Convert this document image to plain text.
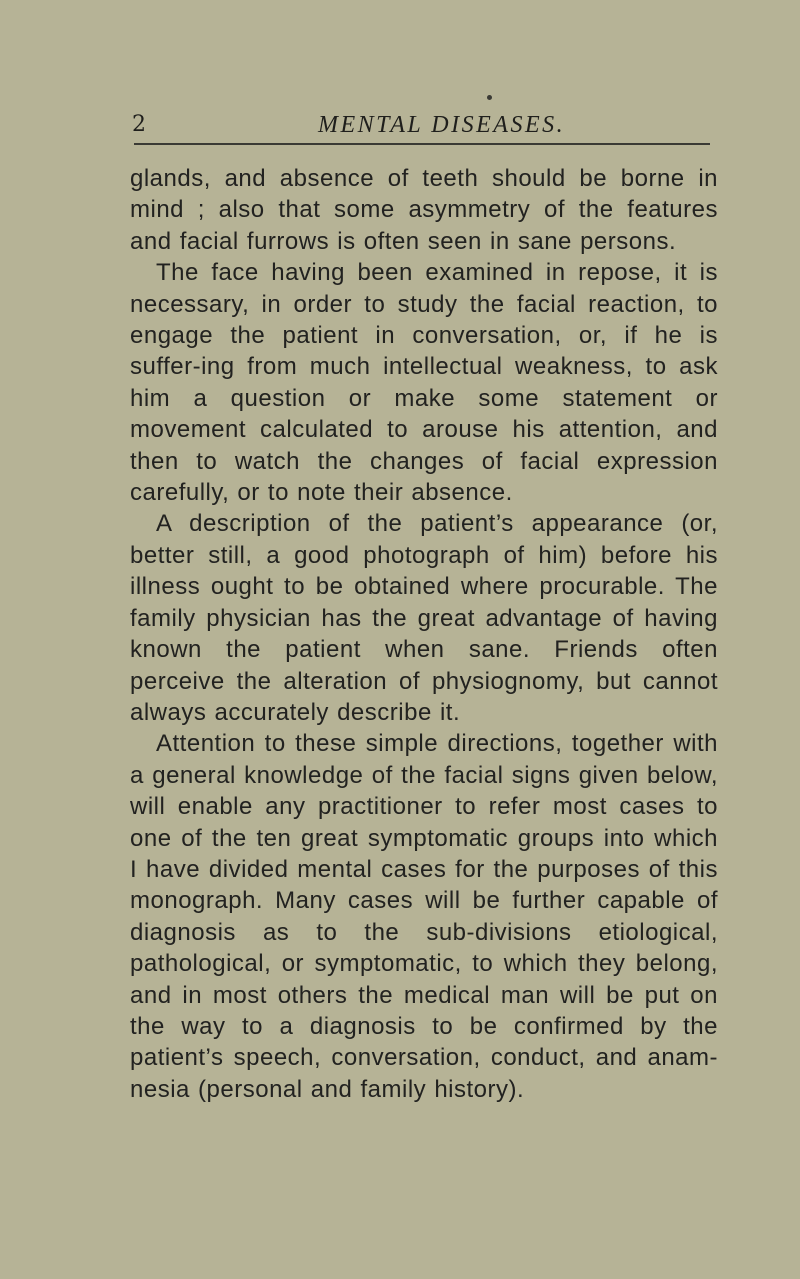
2	MENTAL DISEASES.

glands, and absence of teeth should be borne in mind ; also that some asymmetry of the features and facial furrows is often seen in sane persons.

The face having been examined in repose, it is necessary, in order to study the facial reaction, to engage the patient in conversation, or, if he is suffer-ing from much intellectual weakness, to ask him a question or make some statement or movement calculated to arouse his attention, and then to watch the changes of facial expression carefully, or to note their absence.

A description of the patient’s appearance (or, better still, a good photograph of him) before his illness ought to be obtained where procurable. The family physician has the great advantage of having known the patient when sane. Friends often perceive the alteration of physiognomy, but cannot always accurately describe it.

Attention to these simple directions, together with a general knowledge of the facial signs given below, will enable any practitioner to refer most cases to one of the ten great symptomatic groups into which I have divided mental cases for the purposes of this monograph. Many cases will be further capable of diagnosis as to the sub-divisions etiological, pathological, or symptomatic, to which they belong, and in most others the medical man will be put on the way to a diagnosis to be confirmed by the patient’s speech, conversation, conduct, and anam-nesia (personal and family history).
